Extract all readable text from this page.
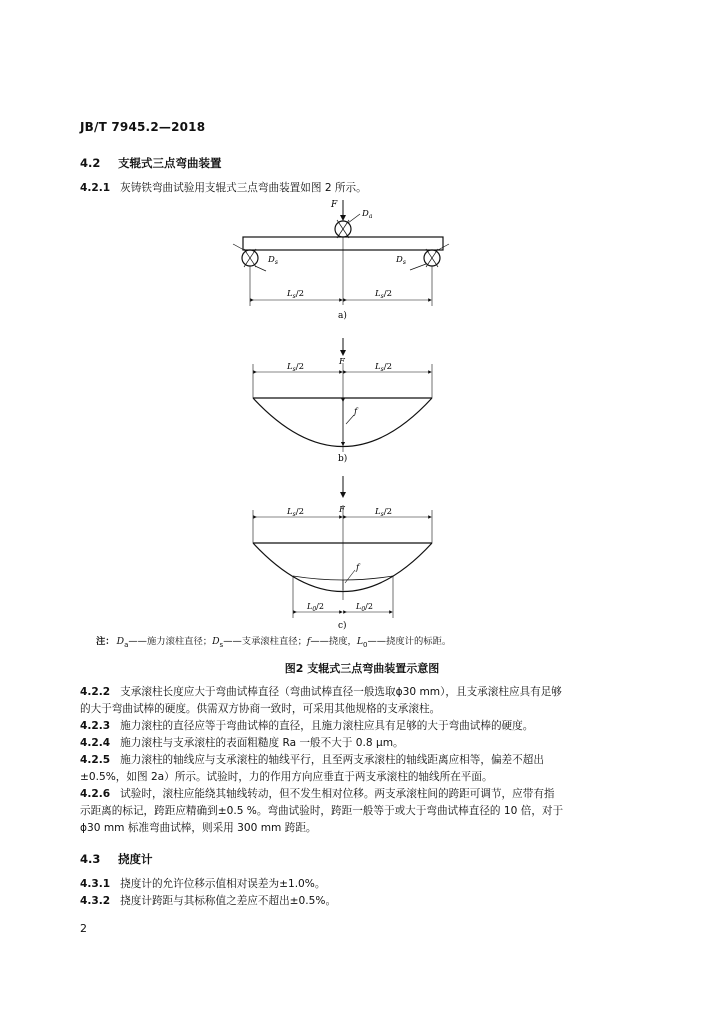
JB/T 7945.2—2018
4.2 支辊式三点弯曲装置
4.2.1 灰铸铁弯曲试验用支辊式三点弯曲装置如图 2 所示。
F
$D_a$
$D_s$	$D_s$
$L_s/2$	$L_s/2$
a)
F
$L_s/2$	$L_s/2$
f
b)
F
$L_s/2$	$L_s/2$
f
$L_0/2$	$L_0/2$
c)
注： $D_a——$施力滚柱直径；$D_s——$支承滚柱直径；f——挠度，$L_0——$挠度计的标距。
图2 支辊式三点弯曲装置示意图
4.2.2 支承滚柱长度应大于弯曲试棒直径（弯曲试棒直径一般选取ϕ30 mm），且支承滚柱应具有足够
的大于弯曲试棒的硬度。供需双方协商一致时，可采用其他规格的支承滚柱。
4.2.3 施力滚柱的直径应等于弯曲试棒的直径，且施力滚柱应具有足够的大于弯曲试棒的硬度。
4.2.4 施力滚柱与支承滚柱的表面粗糙度 Ra 一般不大于 0.8 μm。
4.2.5 施力滚柱的轴线应与支承滚柱的轴线平行，且至两支承滚柱的轴线距离应相等，偏差不超出
±0.5%，如图 2a）所示。试验时，力的作用方向应垂直于两支承滚柱的轴线所在平面。
4.2.6 试验时，滚柱应能绕其轴线转动，但不发生相对位移。两支承滚柱间的跨距可调节，应带有指
示距离的标记，跨距应精确到±0.5 %。弯曲试验时，跨距一般等于或大于弯曲试棒直径的 10 倍，对于
ϕ30 mm 标准弯曲试棒，则采用 300 mm 跨距。
4.3 挠度计
4.3.1 挠度计的允许位移示值相对误差为±1.0%。
4.3.2 挠度计跨距与其标称值之差应不超出±0.5%。
2
